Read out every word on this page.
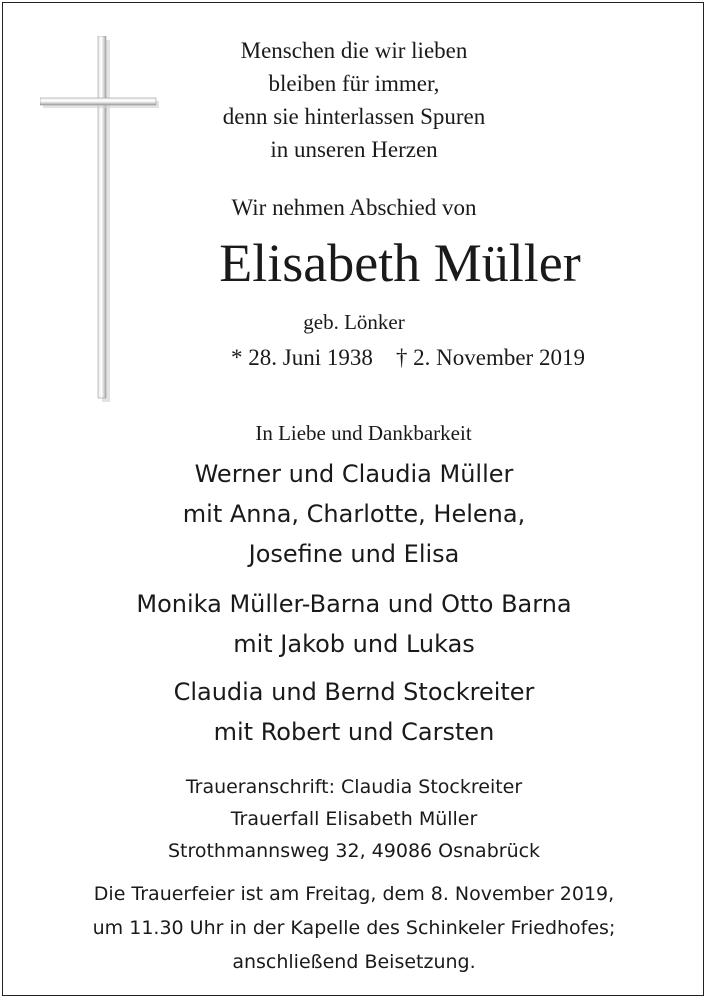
Menschen die wir lieben
bleiben für immer,
denn sie hinterlassen Spuren
in unseren Herzen
Wir nehmen Abschied von
Elisabeth Müller
geb. Lönker
* 28. Juni 1938    † 2. November 2019
In Liebe und Dankbarkeit
Werner und Claudia Müller
mit Anna, Charlotte, Helena,
Josefine und Elisa
Monika Müller-Barna und Otto Barna
mit Jakob und Lukas
Claudia und Bernd Stockreiter
mit Robert und Carsten
Traueranschrift: Claudia Stockreiter
Trauerfall Elisabeth Müller
Strothmannsweg 32, 49086 Osnabrück
Die Trauerfeier ist am Freitag, dem 8. November 2019,
um 11.30 Uhr in der Kapelle des Schinkeler Friedhofes;
anschließend Beisetzung.
